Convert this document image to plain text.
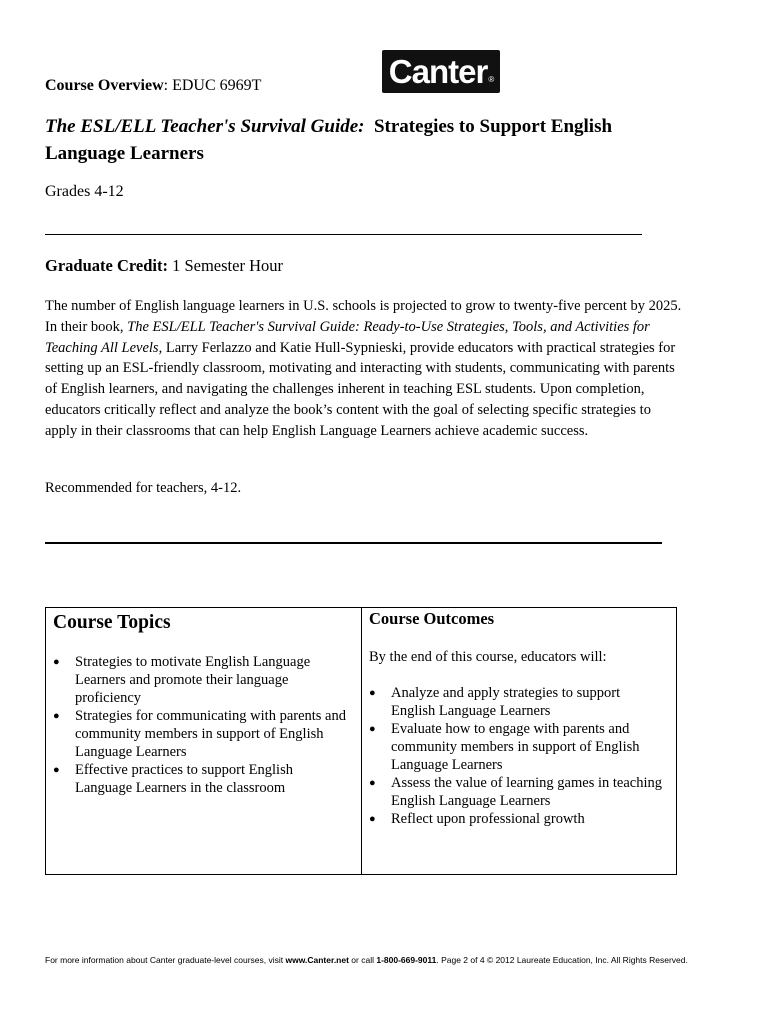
Canter®
Course Overview: EDUC 6969T
The ESL/ELL Teacher's Survival Guide: Strategies to Support English Language Learners
Grades 4-12
Graduate Credit: 1 Semester Hour
The number of English language learners in U.S. schools is projected to grow to twenty-five percent by 2025. In their book, The ESL/ELL Teacher's Survival Guide: Ready-to-Use Strategies, Tools, and Activities for Teaching All Levels, Larry Ferlazzo and Katie Hull-Sypnieski, provide educators with practical strategies for setting up an ESL-friendly classroom, motivating and interacting with students, communicating with parents of English learners, and navigating the challenges inherent in teaching ESL students. Upon completion, educators critically reflect and analyze the book’s content with the goal of selecting specific strategies to apply in their classrooms that can help English Language Learners achieve academic success.
Recommended for teachers, 4-12.
Course Topics
● Strategies to motivate English Language Learners and promote their language proficiency
● Strategies for communicating with parents and community members in support of English Language Learners
● Effective practices to support English Language Learners in the classroom
Course Outcomes
By the end of this course, educators will:
● Analyze and apply strategies to support English Language Learners
● Evaluate how to engage with parents and community members in support of English Language Learners
● Assess the value of learning games in teaching English Language Learners
● Reflect upon professional growth
For more information about Canter graduate-level courses, visit www.Canter.net or call 1-800-669-9011. Page 2 of 4 © 2012 Laureate Education, Inc. All Rights Reserved.
